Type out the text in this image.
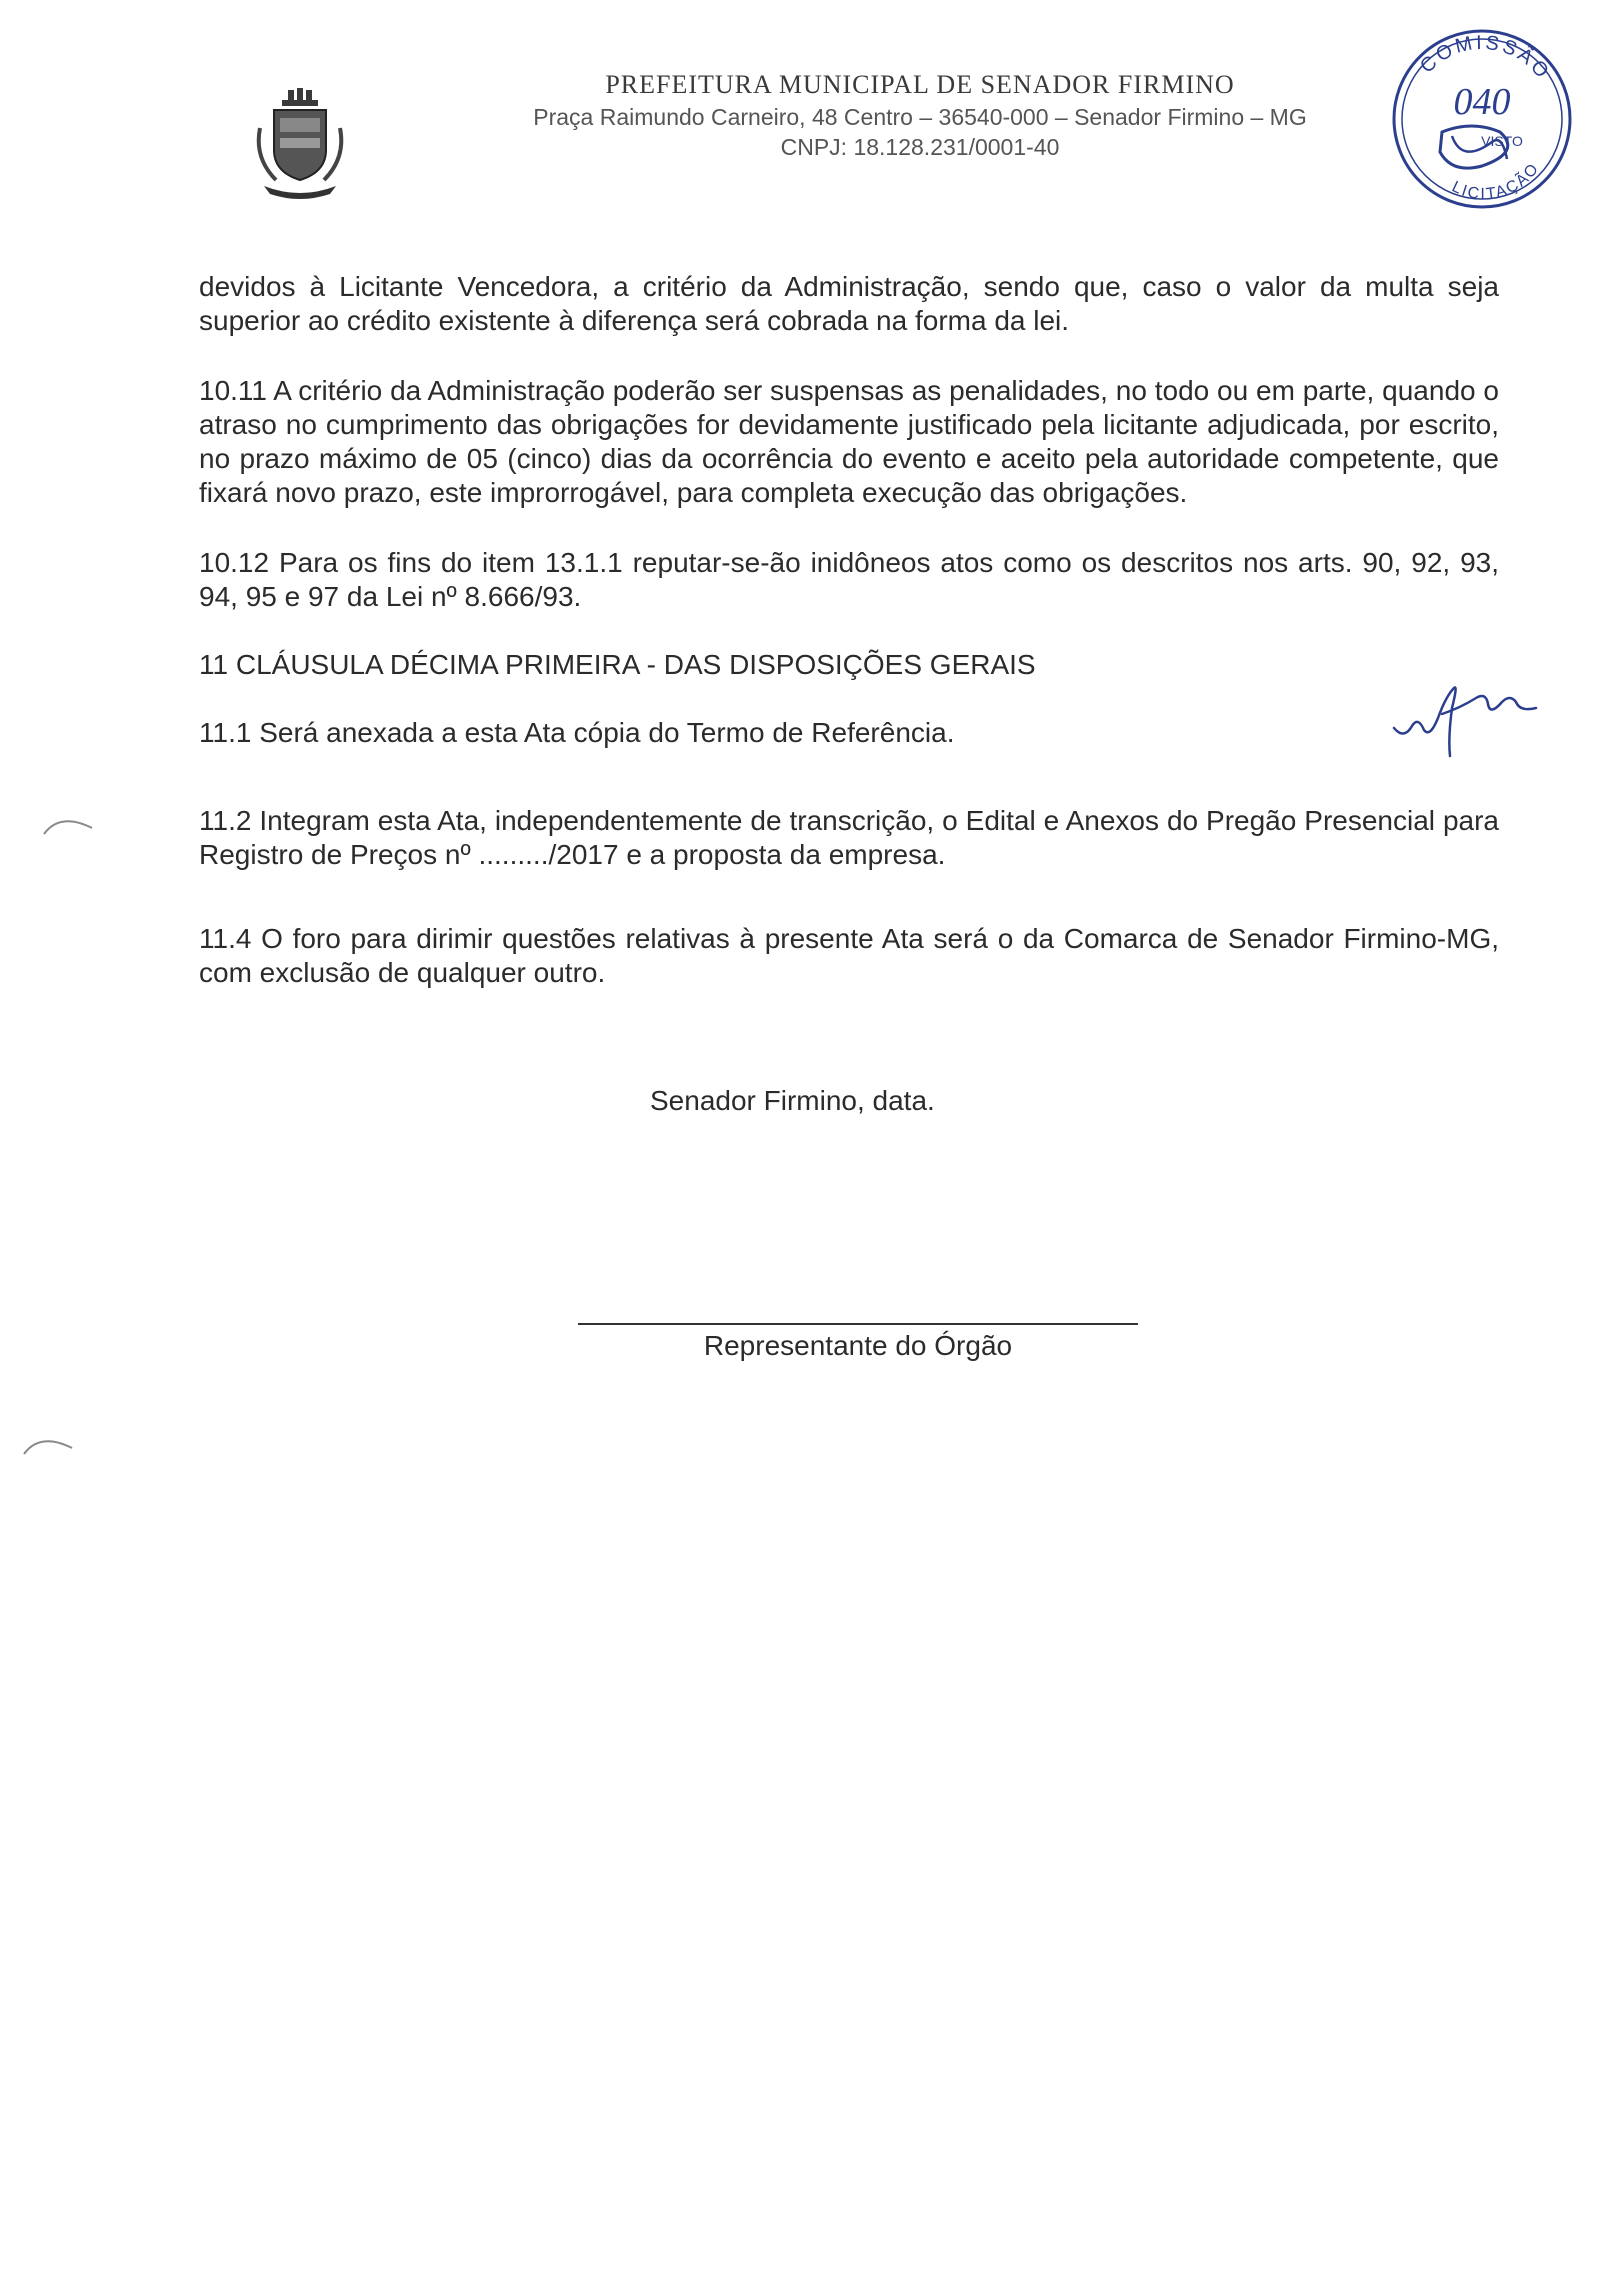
PREFEITURA MUNICIPAL DE SENADOR FIRMINO
Praça Raimundo Carneiro, 48 Centro – 36540-000 – Senador Firmino – MG
CNPJ: 18.128.231/0001-40
COMISSÃO
040
VISTO
LICITAÇÃO

devidos à Licitante Vencedora, a critério da Administração, sendo que, caso o valor da multa seja superior ao crédito existente à diferença será cobrada na forma da lei.

10.11 A critério da Administração poderão ser suspensas as penalidades, no todo ou em parte, quando o atraso no cumprimento das obrigações for devidamente justificado pela licitante adjudicada, por escrito, no prazo máximo de 05 (cinco) dias da ocorrência do evento e aceito pela autoridade competente, que fixará novo prazo, este improrrogável, para completa execução das obrigações.

10.12 Para os fins do item 13.1.1 reputar-se-ão inidôneos atos como os descritos nos arts. 90, 92, 93, 94, 95 e 97 da Lei nº 8.666/93.

11 CLÁUSULA DÉCIMA PRIMEIRA - DAS DISPOSIÇÕES GERAIS

11.1 Será anexada a esta Ata cópia do Termo de Referência.

11.2 Integram esta Ata, independentemente de transcrição, o Edital e Anexos do Pregão Presencial para Registro de Preços nº ........./2017 e a proposta da empresa.

11.4 O foro para dirimir questões relativas à presente Ata será o da Comarca de Senador Firmino-MG, com exclusão de qualquer outro.

Senador Firmino, data.
Representante do Órgão
